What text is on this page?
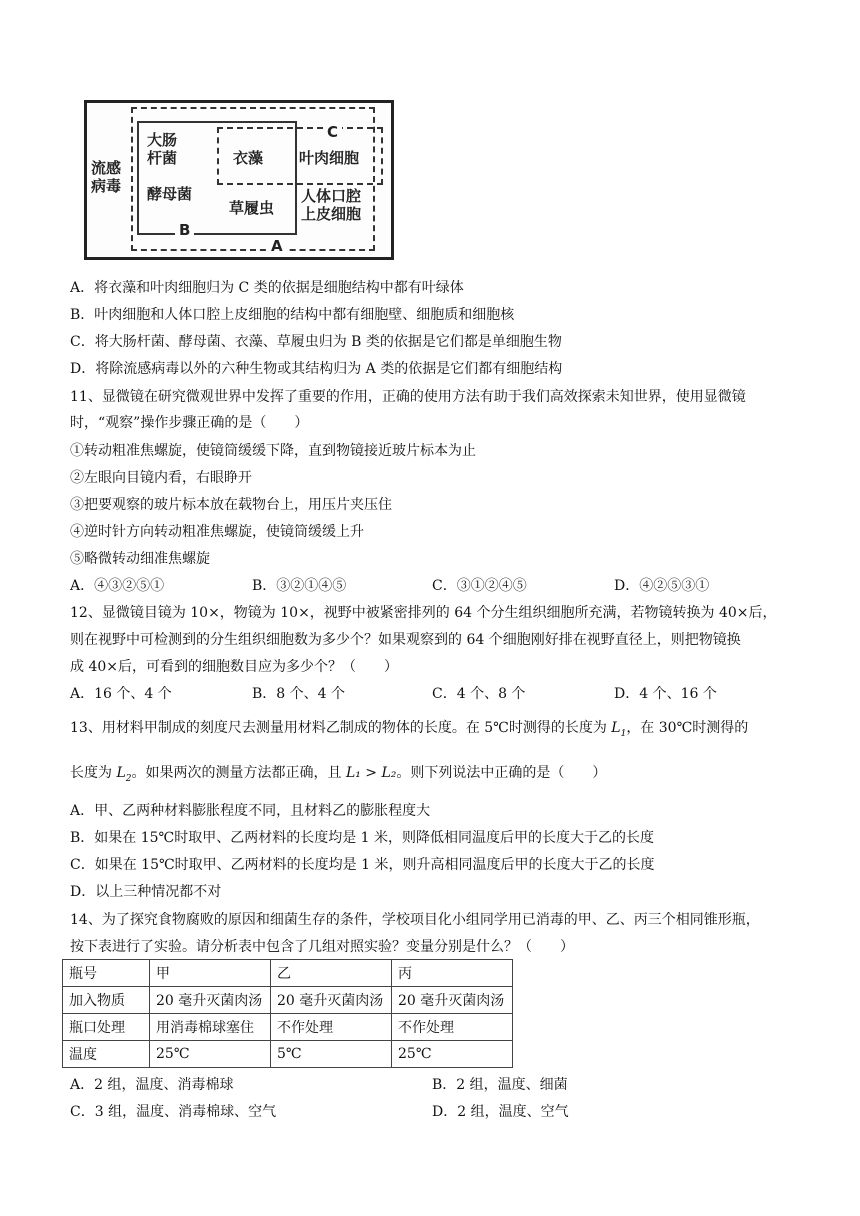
流感病毒
大肠杆菌
酵母菌
衣藻
草履虫
叶肉细胞
人体口腔上皮细胞
C
B
A
A．将衣藻和叶肉细胞归为 C 类的依据是细胞结构中都有叶绿体
B．叶肉细胞和人体口腔上皮细胞的结构中都有细胞壁、细胞质和细胞核
C．将大肠杆菌、酵母菌、衣藻、草履虫归为 B 类的依据是它们都是单细胞生物
D．将除流感病毒以外的六种生物或其结构归为 A 类的依据是它们都有细胞结构
11、显微镜在研究微观世界中发挥了重要的作用，正确的使用方法有助于我们高效探索未知世界，使用显微镜
时，“观察”操作步骤正确的是（　　）
①转动粗准焦螺旋，使镜筒缓缓下降，直到物镜接近玻片标本为止
②左眼向目镜内看，右眼睁开
③把要观察的玻片标本放在载物台上，用压片夹压住
④逆时针方向转动粗准焦螺旋，使镜筒缓缓上升
⑤略微转动细准焦螺旋
A．④③②⑤①	B．③②①④⑤	C．③①②④⑤	D．④②⑤③①
12、显微镜目镜为 10×，物镜为 10×，视野中被紧密排列的 64 个分生组织细胞所充满，若物镜转换为 40×后，
则在视野中可检测到的分生组织细胞数为多少个？如果观察到的 64 个细胞刚好排在视野直径上，则把物镜换
成 40×后，可看到的细胞数目应为多少个？（　　）
A．16 个、4 个	B．8 个、4 个	C．4 个、8 个	D．4 个、16 个
13、用材料甲制成的刻度尺去测量用材料乙制成的物体的长度。在 5℃时测得的长度为 $L_1$，在 30℃时测得的
长度为 $L_2$。如果两次的测量方法都正确，且 L₁ > L₂。则下列说法中正确的是（　　）
A．甲、乙两种材料膨胀程度不同，且材料乙的膨胀程度大
B．如果在 15℃时取甲、乙两材料的长度均是 1 米，则降低相同温度后甲的长度大于乙的长度
C．如果在 15℃时取甲、乙两材料的长度均是 1 米，则升高相同温度后甲的长度大于乙的长度
D．以上三种情况都不对
14、为了探究食物腐败的原因和细菌生存的条件，学校项目化小组同学用已消毒的甲、乙、丙三个相同锥形瓶，
按下表进行了实验。请分析表中包含了几组对照实验？变量分别是什么？（　　）
瓶号	甲	乙	丙
加入物质	20 毫升灭菌肉汤	20 毫升灭菌肉汤	20 毫升灭菌肉汤
瓶口处理	用消毒棉球塞住	不作处理	不作处理
温度	25℃	5℃	25℃
A．2 组，温度、消毒棉球	B．2 组，温度、细菌
C．3 组，温度、消毒棉球、空气	D．2 组，温度、空气
